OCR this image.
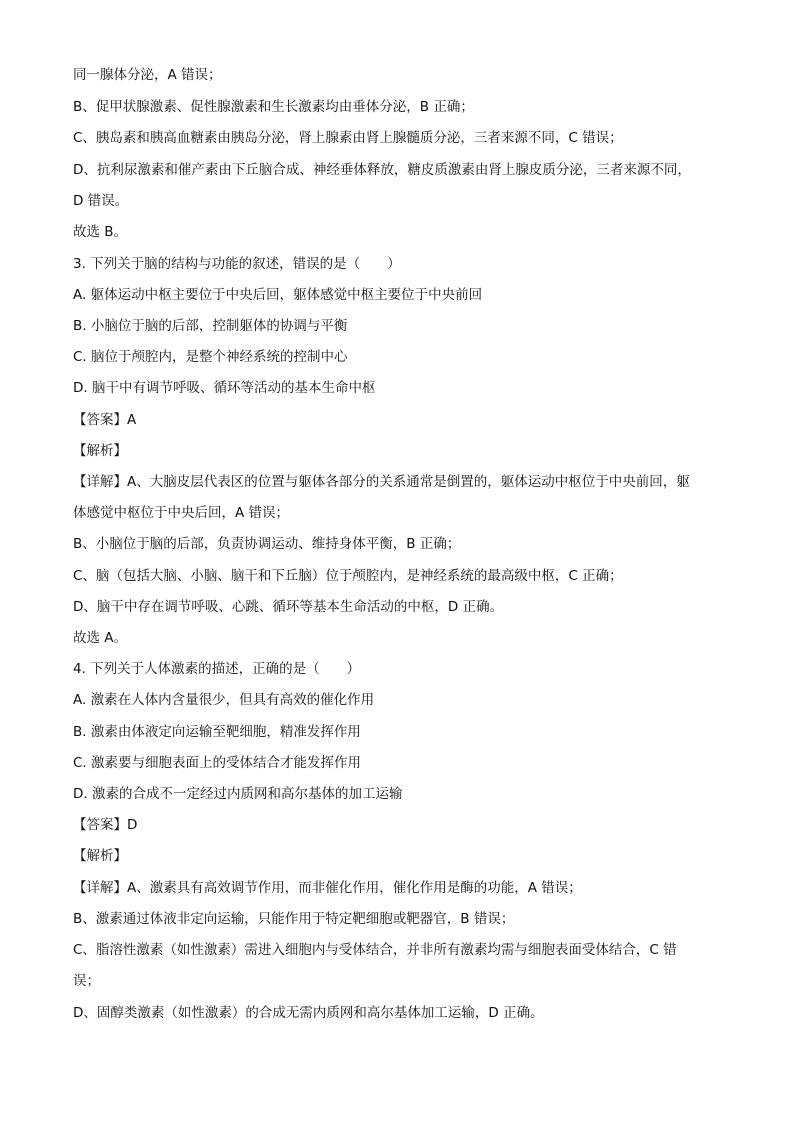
同一腺体分泌，A 错误；
B、促甲状腺激素、促性腺激素和生长激素均由垂体分泌，B 正确；
C、胰岛素和胰高血糖素由胰岛分泌，肾上腺素由肾上腺髓质分泌，三者来源不同，C 错误；
D、抗利尿激素和催产素由下丘脑合成、神经垂体释放，糖皮质激素由肾上腺皮质分泌，三者来源不同，
D 错误。
故选 B。
3. 下列关于脑的结构与功能的叙述，错误的是（　　）
A. 躯体运动中枢主要位于中央后回，躯体感觉中枢主要位于中央前回
B. 小脑位于脑的后部，控制躯体的协调与平衡
C. 脑位于颅腔内，是整个神经系统的控制中心
D. 脑干中有调节呼吸、循环等活动的基本生命中枢
【答案】A
【解析】
【详解】A、大脑皮层代表区的位置与躯体各部分的关系通常是倒置的，躯体运动中枢位于中央前回，躯
体感觉中枢位于中央后回，A 错误；
B、小脑位于脑的后部，负责协调运动、维持身体平衡，B 正确；
C、脑（包括大脑、小脑、脑干和下丘脑）位于颅腔内，是神经系统的最高级中枢，C 正确；
D、脑干中存在调节呼吸、心跳、循环等基本生命活动的中枢，D 正确。
故选 A。
4. 下列关于人体激素的描述，正确的是（　　）
A. 激素在人体内含量很少，但具有高效的催化作用
B. 激素由体液定向运输至靶细胞，精准发挥作用
C. 激素要与细胞表面上的受体结合才能发挥作用
D. 激素的合成不一定经过内质网和高尔基体的加工运输
【答案】D
【解析】
【详解】A、激素具有高效调节作用，而非催化作用，催化作用是酶的功能，A 错误；
B、激素通过体液非定向运输，只能作用于特定靶细胞或靶器官，B 错误；
C、脂溶性激素（如性激素）需进入细胞内与受体结合，并非所有激素均需与细胞表面受体结合，C 错
误；
D、固醇类激素（如性激素）的合成无需内质网和高尔基体加工运输，D 正确。
